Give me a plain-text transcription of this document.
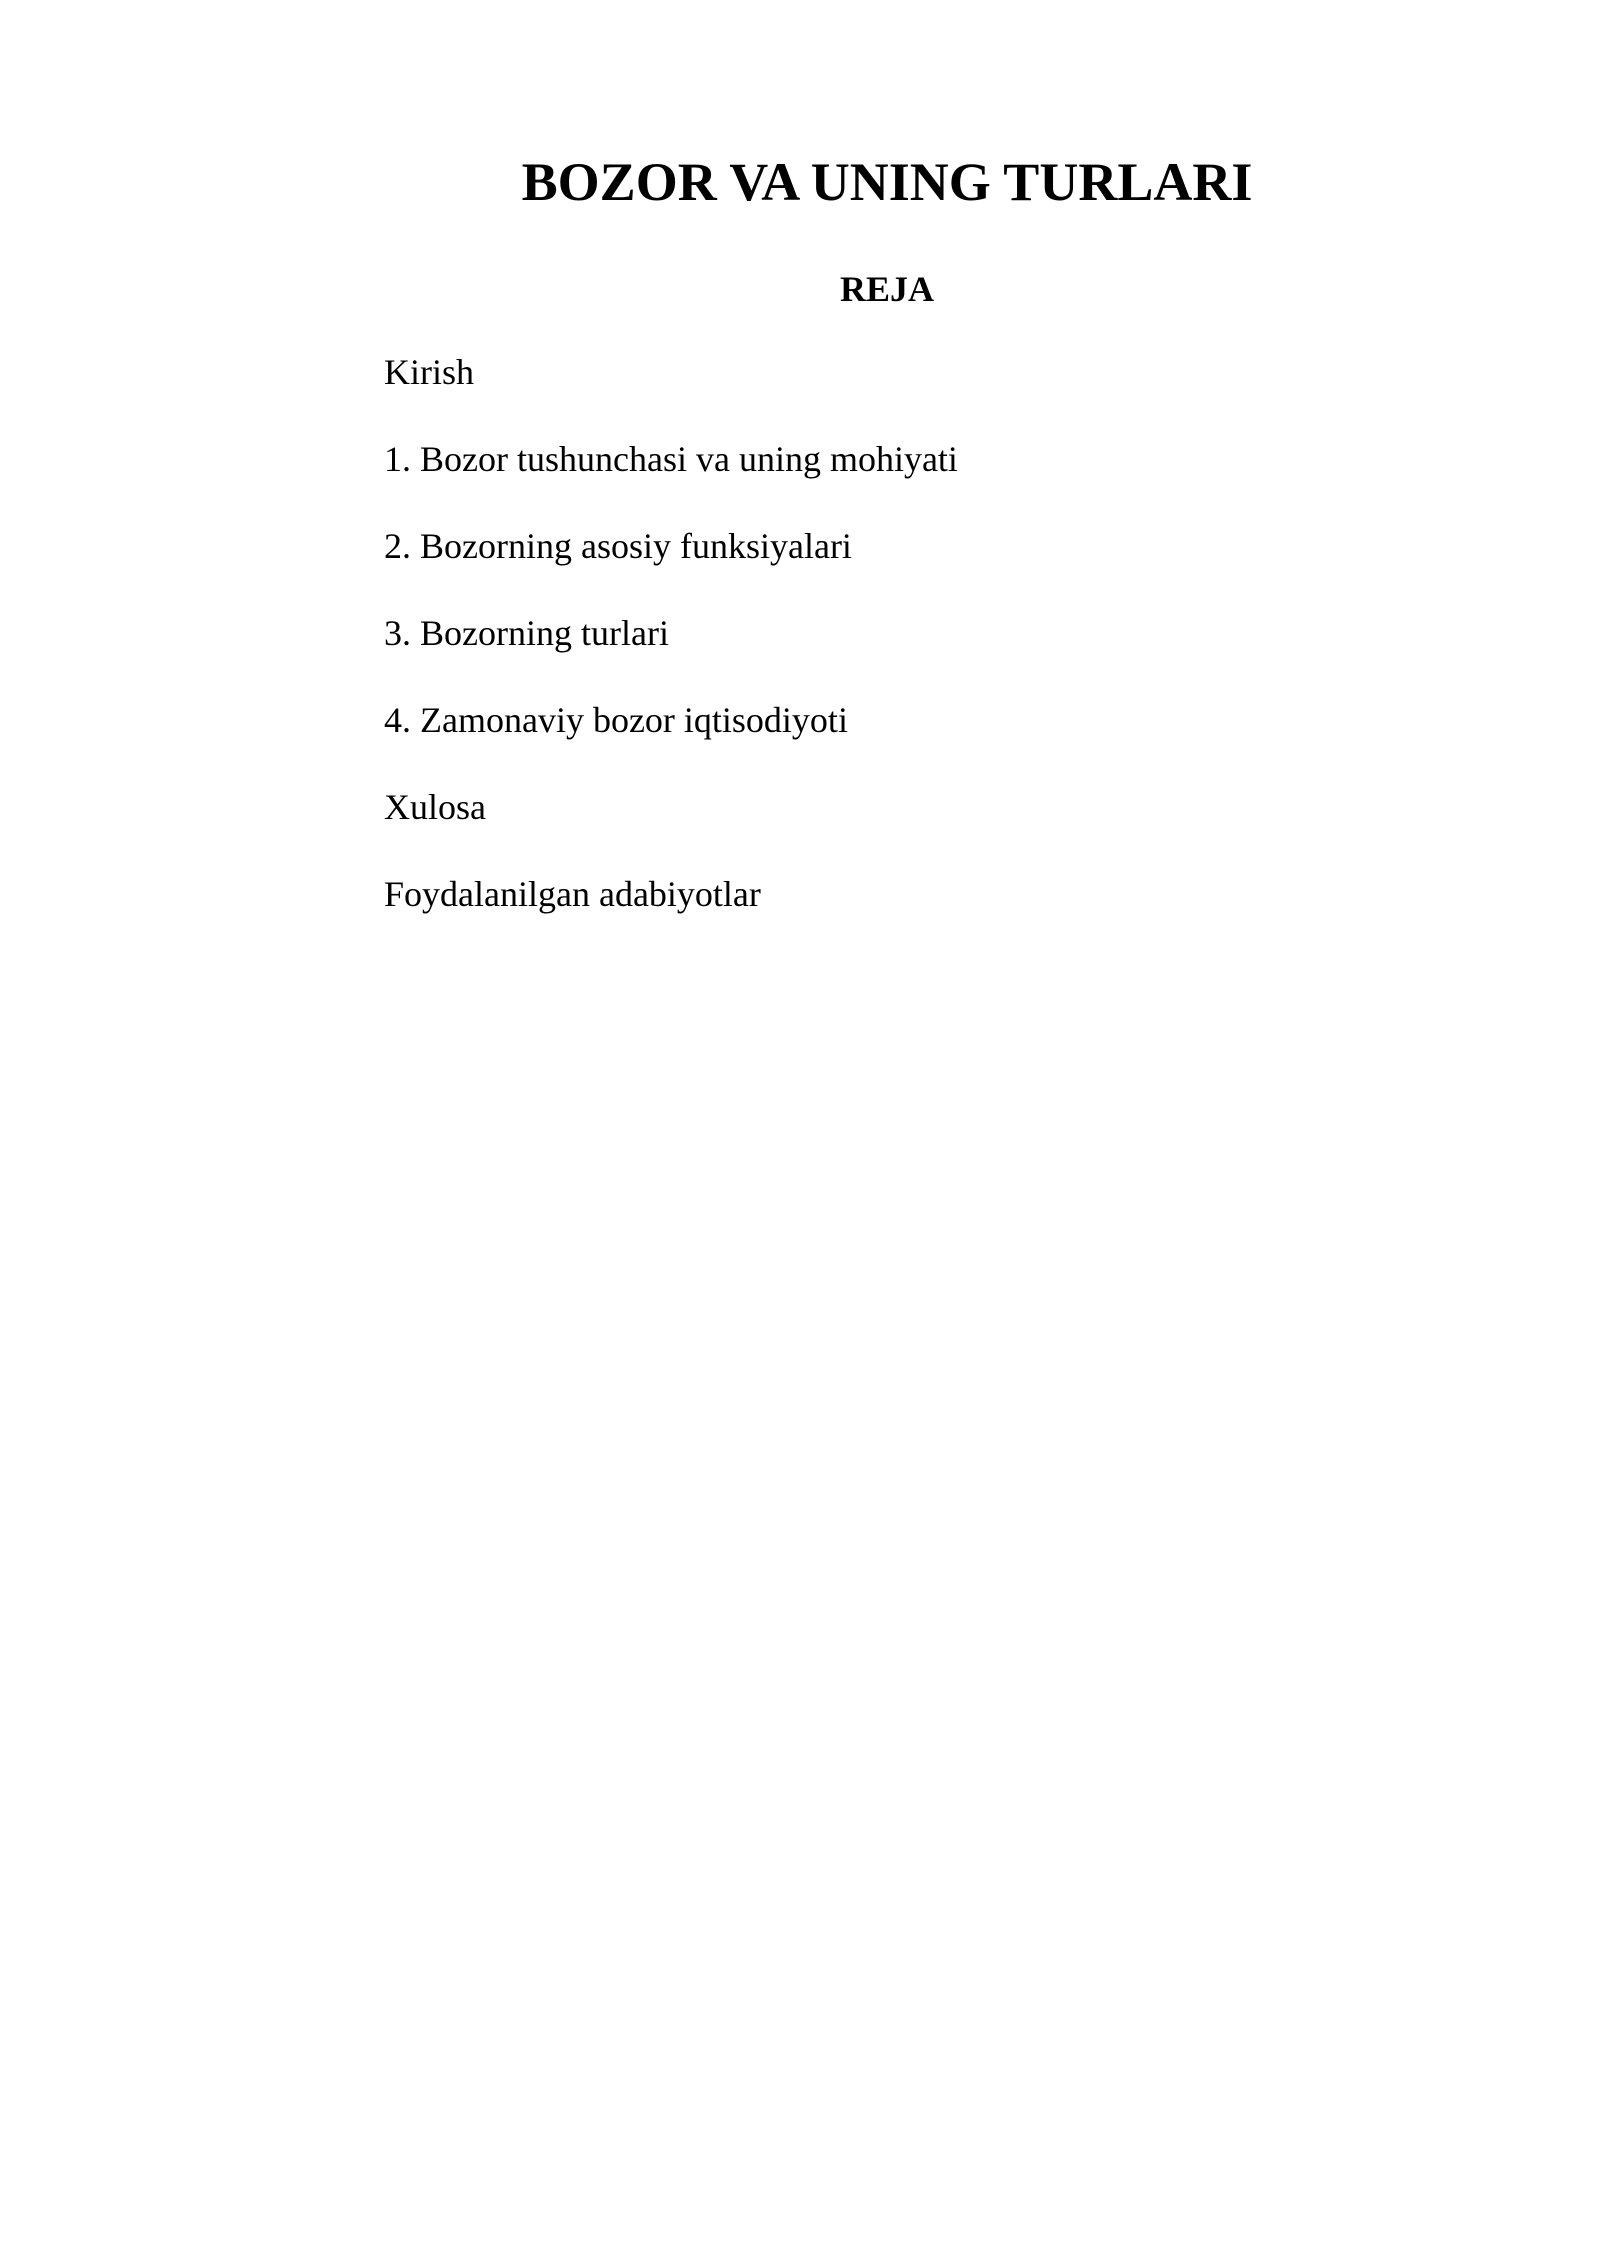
BOZOR VA UNING TURLARI
REJA
Kirish
1. Bozor tushunchasi va uning mohiyati
2. Bozorning asosiy funksiyalari
3. Bozorning turlari
4. Zamonaviy bozor iqtisodiyoti
Xulosa
Foydalanilgan adabiyotlar
